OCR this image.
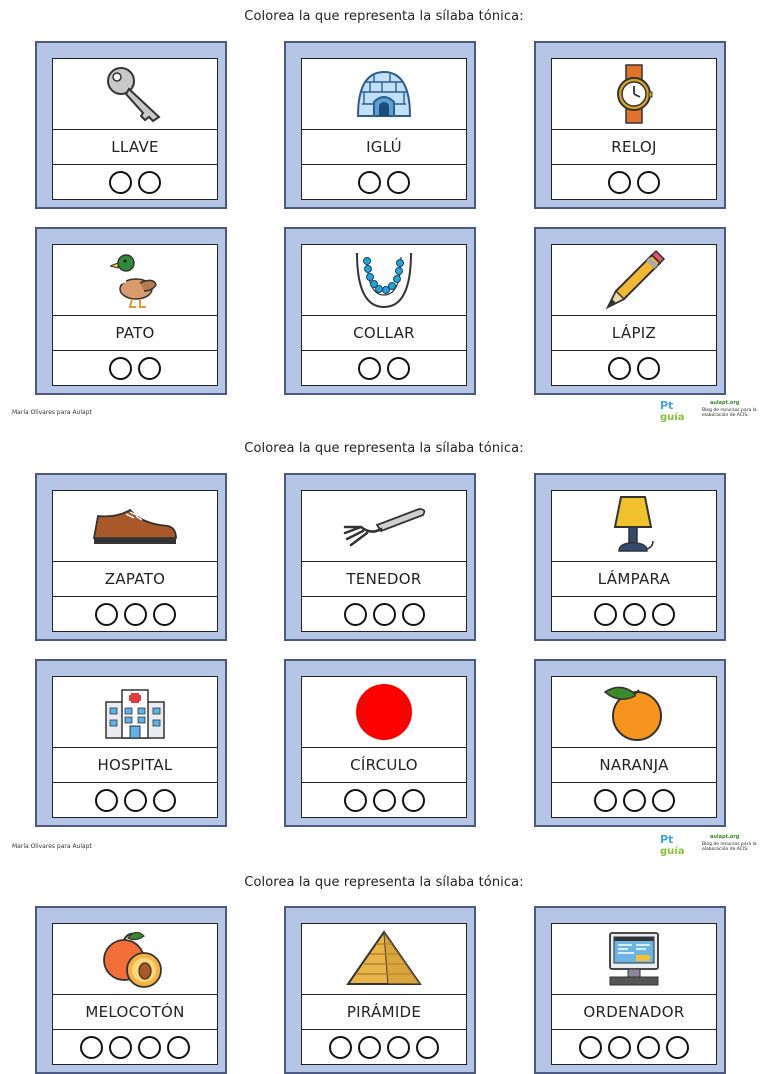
Colorea la que representa la sílaba tónica:
María Olivares para Aulapt
Pt
guía
aulapt.org
Blog de recursos para la elaboración de ACIS.
Colorea la que representa la sílaba tónica:
María Olivares para Aulapt
Pt
guía
aulapt.org
Blog de recursos para la elaboración de ACIS.
Colorea la que representa la sílaba tónica:
LLAVE	IGLÚ	RELOJ
PATO	COLLAR	LÁPIZ
ZAPATO	TENEDOR	LÁMPARA
HOSPITAL	CÍRCULO	NARANJA
MELOCOTÓN	PIRÁMIDE	ORDENADOR
